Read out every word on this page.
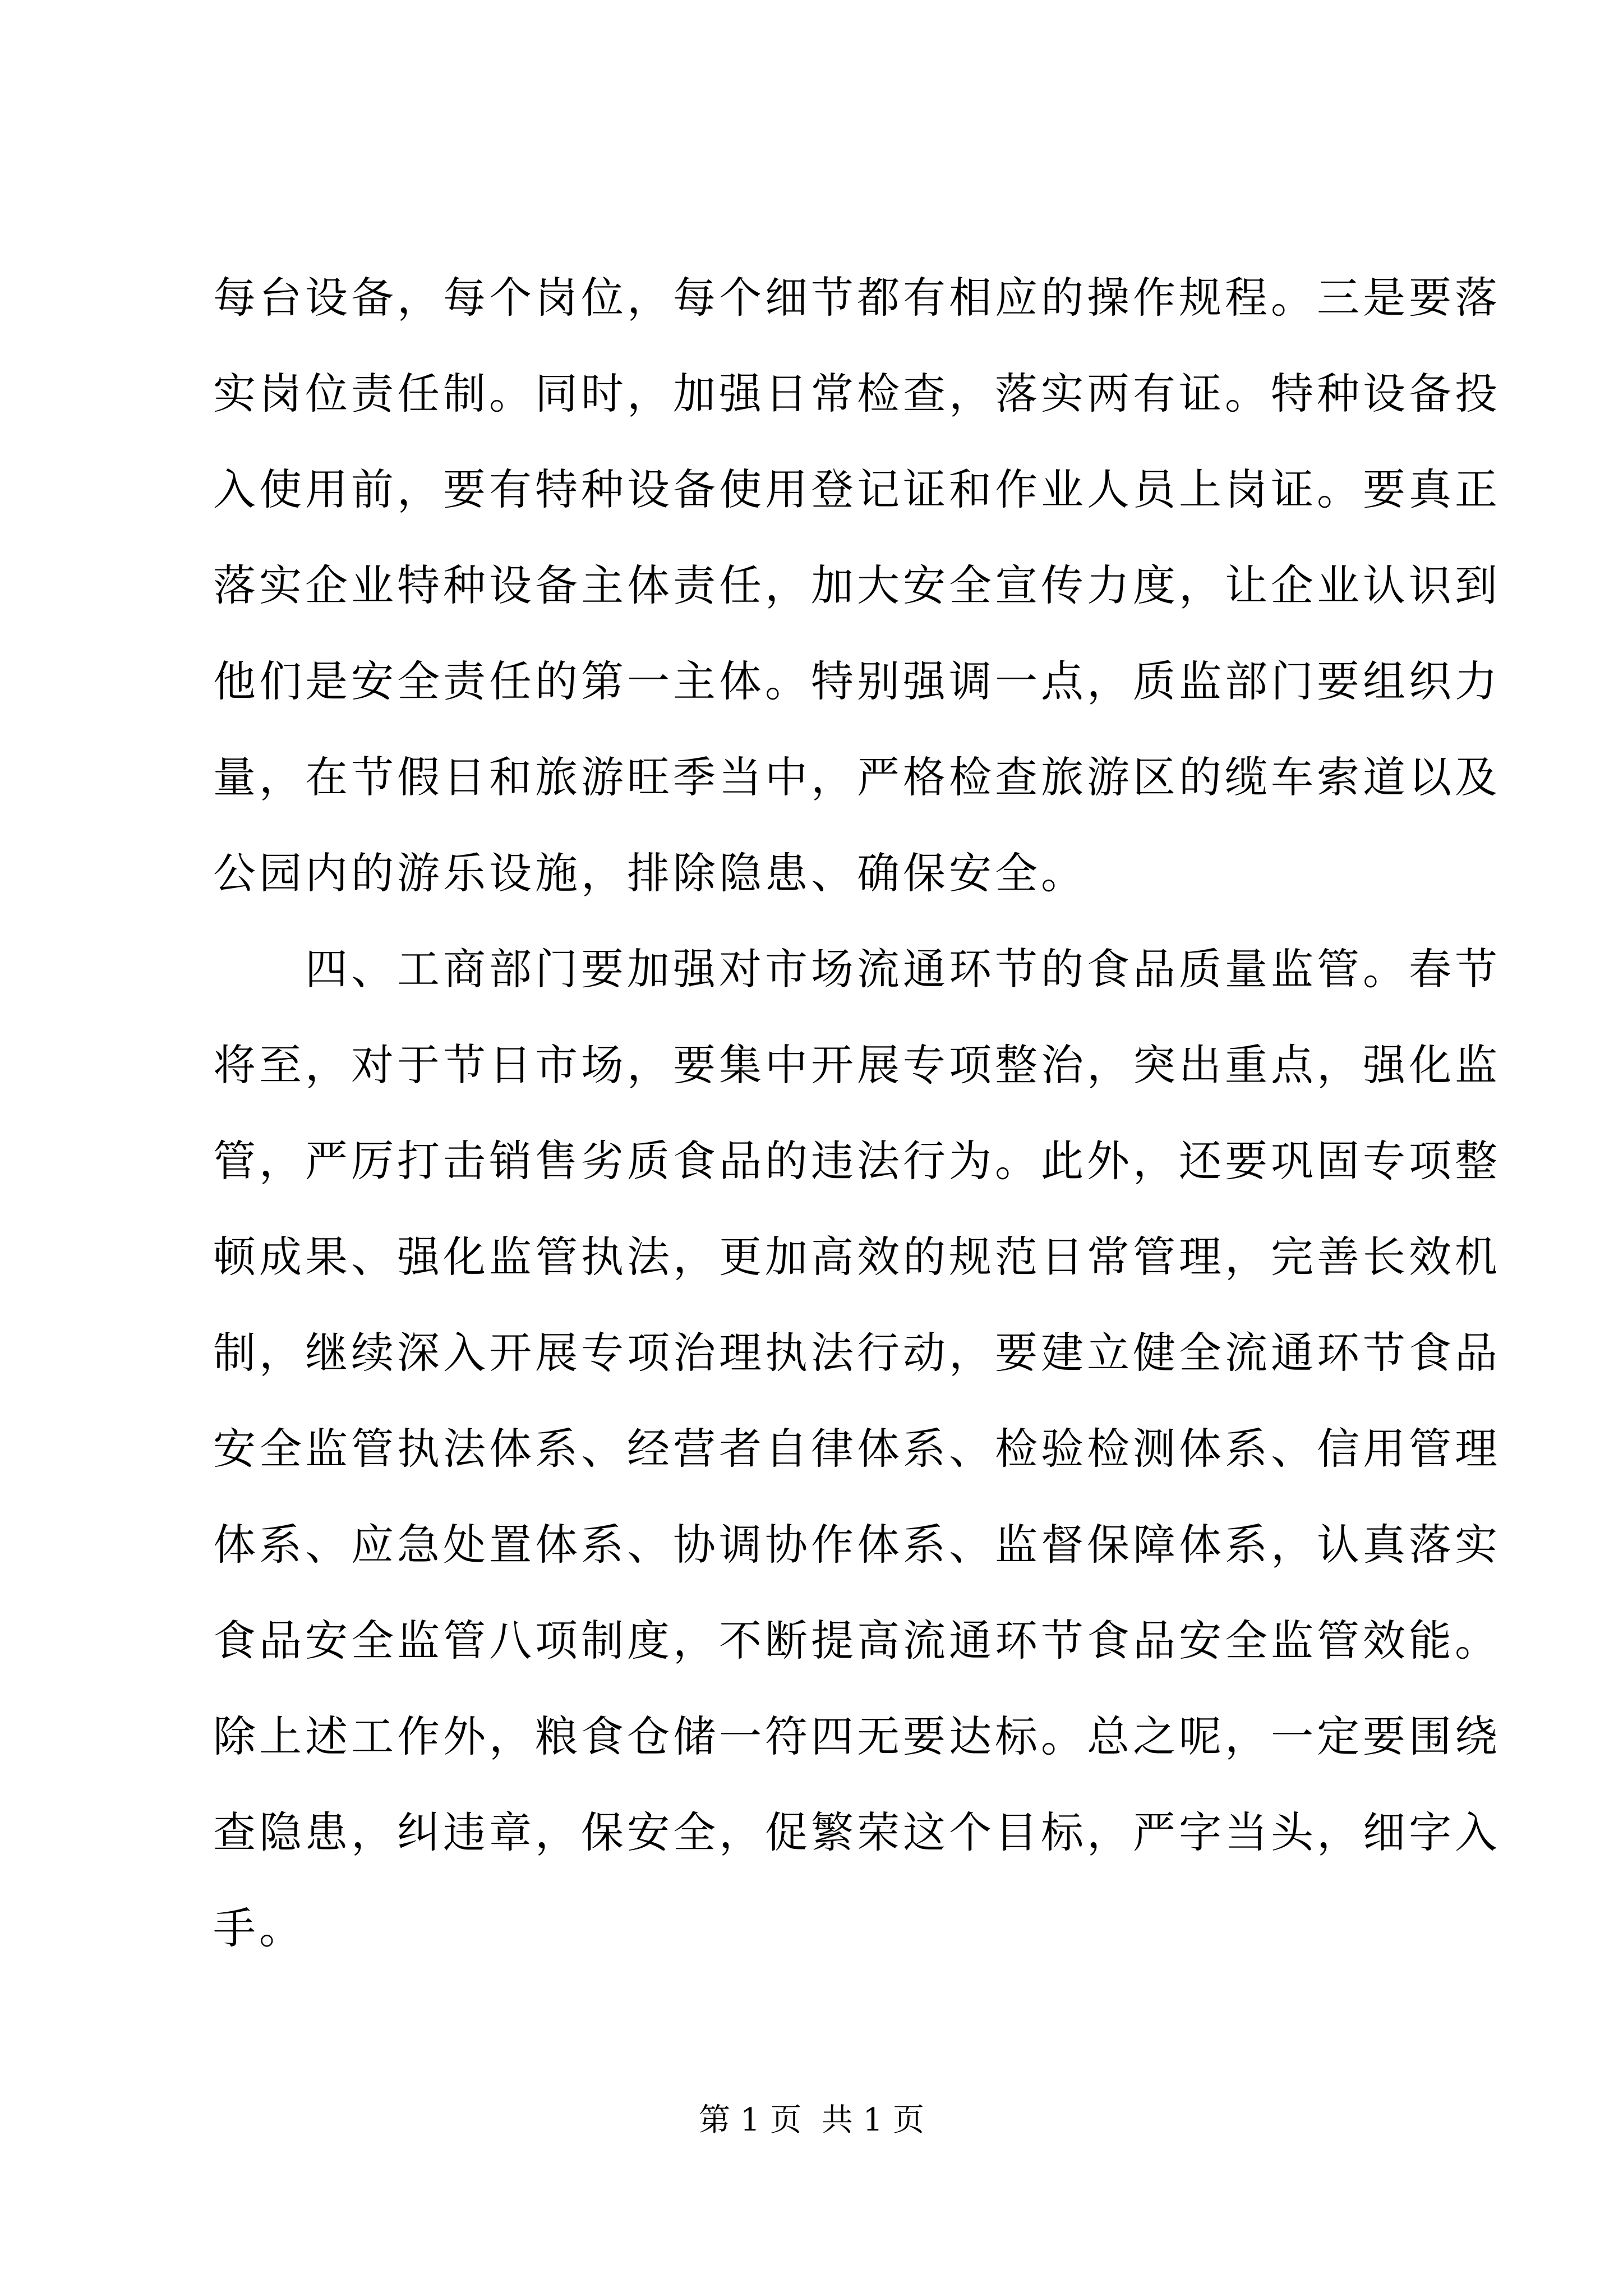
每台设备，每个岗位，每个细节都有相应的操作规程。三是要落
实岗位责任制。同时，加强日常检查，落实两有证。特种设备投
入使用前，要有特种设备使用登记证和作业人员上岗证。要真正
落实企业特种设备主体责任，加大安全宣传力度，让企业认识到
他们是安全责任的第一主体。特别强调一点，质监部门要组织力
量，在节假日和旅游旺季当中，严格检查旅游区的缆车索道以及
公园内的游乐设施，排除隐患、确保安全。
　　四、工商部门要加强对市场流通环节的食品质量监管。春节
将至，对于节日市场，要集中开展专项整治，突出重点，强化监
管，严厉打击销售劣质食品的违法行为。此外，还要巩固专项整
顿成果、强化监管执法，更加高效的规范日常管理，完善长效机
制，继续深入开展专项治理执法行动，要建立健全流通环节食品
安全监管执法体系、经营者自律体系、检验检测体系、信用管理
体系、应急处置体系、协调协作体系、监督保障体系，认真落实
食品安全监管八项制度，不断提高流通环节食品安全监管效能。
除上述工作外，粮食仓储一符四无要达标。总之呢，一定要围绕
查隐患，纠违章，保安全，促繁荣这个目标，严字当头，细字入
手。
第 1 页  共 1 页
